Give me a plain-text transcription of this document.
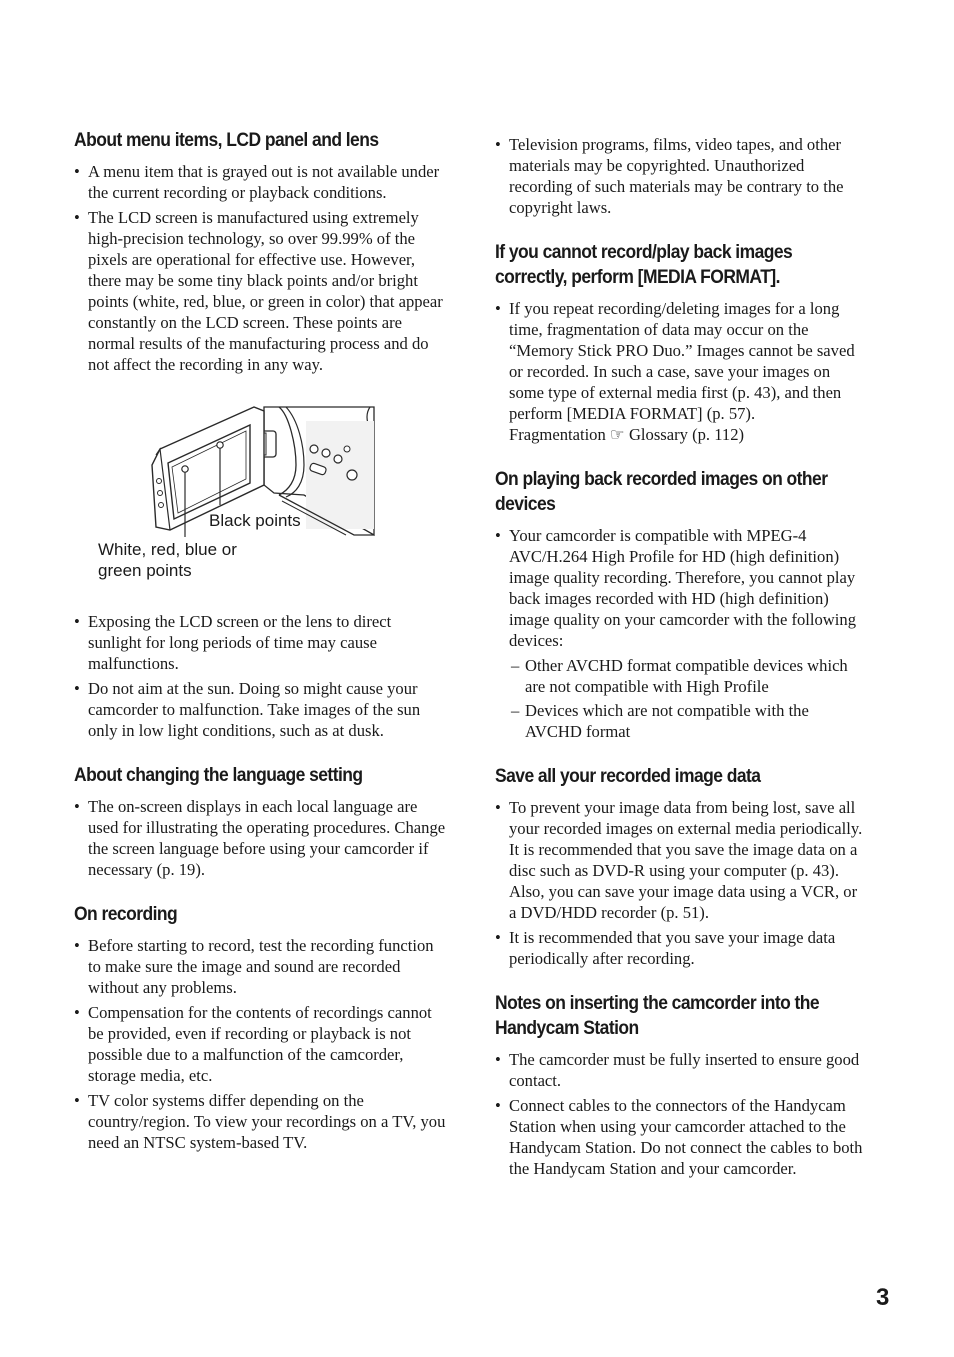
About menu items, LCD panel and lens
• A menu item that is grayed out is not available under the current recording or playback conditions.
• The LCD screen is manufactured using extremely high-precision technology, so over 99.99% of the pixels are operational for effective use. However, there may be some tiny black points and/or bright points (white, red, blue, or green in color) that appear constantly on the LCD screen. These points are normal results of the manufacturing process and do not affect the recording in any way.
Black points
White, red, blue or green points
• Exposing the LCD screen or the lens to direct sunlight for long periods of time may cause malfunctions.
• Do not aim at the sun. Doing so might cause your camcorder to malfunction. Take images of the sun only in low light conditions, such as at dusk.
About changing the language setting
• The on-screen displays in each local language are used for illustrating the operating procedures. Change the screen language before using your camcorder if necessary (p. 19).
On recording
• Before starting to record, test the recording function to make sure the image and sound are recorded without any problems.
• Compensation for the contents of recordings cannot be provided, even if recording or playback is not possible due to a malfunction of the camcorder, storage media, etc.
• TV color systems differ depending on the country/region. To view your recordings on a TV, you need an NTSC system-based TV.
• Television programs, films, video tapes, and other materials may be copyrighted. Unauthorized recording of such materials may be contrary to the copyright laws.
If you cannot record/play back images correctly, perform [MEDIA FORMAT].
• If you repeat recording/deleting images for a long time, fragmentation of data may occur on the “Memory Stick PRO Duo.” Images cannot be saved or recorded. In such a case, save your images on some type of external media first (p. 43), and then perform [MEDIA FORMAT] (p. 57).
Fragmentation ☞ Glossary (p. 112)
On playing back recorded images on other devices
• Your camcorder is compatible with MPEG-4 AVC/H.264 High Profile for HD (high definition) image quality recording. Therefore, you cannot play back images recorded with HD (high definition) image quality on your camcorder with the following devices:
– Other AVCHD format compatible devices which are not compatible with High Profile
– Devices which are not compatible with the AVCHD format
Save all your recorded image data
• To prevent your image data from being lost, save all your recorded images on external media periodically. It is recommended that you save the image data on a disc such as DVD-R using your computer (p. 43).
Also, you can save your image data using a VCR, or a DVD/HDD recorder (p. 51).
• It is recommended that you save your image data periodically after recording.
Notes on inserting the camcorder into the Handycam Station
• The camcorder must be fully inserted to ensure good contact.
• Connect cables to the connectors of the Handycam Station when using your camcorder attached to the Handycam Station. Do not connect the cables to both the Handycam Station and your camcorder.
3
